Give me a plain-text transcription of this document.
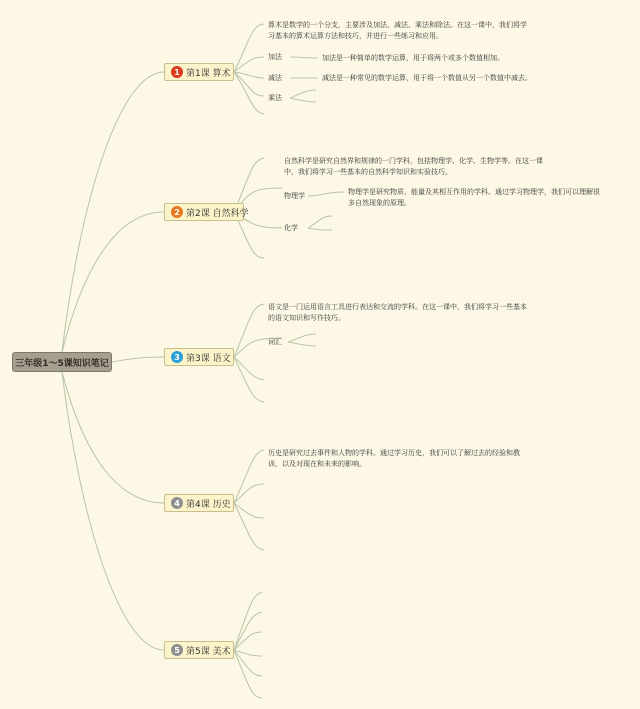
三年级1～5课知识笔记
1 第1课 算术

算术是数学的一个分支，主要涉及加法、减法、乘法和除法。在这一课中，我们将学习基本的算术运算方法和技巧，并进行一些练习和应用。

加法	加法是一种简单的数学运算，用于将两个或多个数值相加。
减法	减法是一种常见的数学运算，用于将一个数值从另一个数值中减去。
乘法
2 第2课 自然科学

自然科学是研究自然界和规律的一门学科，包括物理学、化学、生物学等。在这一课中，我们将学习一些基本的自然科学知识和实验技巧。

物理学	物理学是研究物质、能量及其相互作用的学科。通过学习物理学，我们可以理解很多自然现象的原理。

化学
3 第3课 语文

语文是一门运用语言工具进行表达和交流的学科。在这一课中，我们将学习一些基本的语文知识和写作技巧。

词汇
4 第4课 历史

历史是研究过去事件和人物的学科。通过学习历史，我们可以了解过去的经验和教训，以及对现在和未来的影响。

5 第5课 美术
